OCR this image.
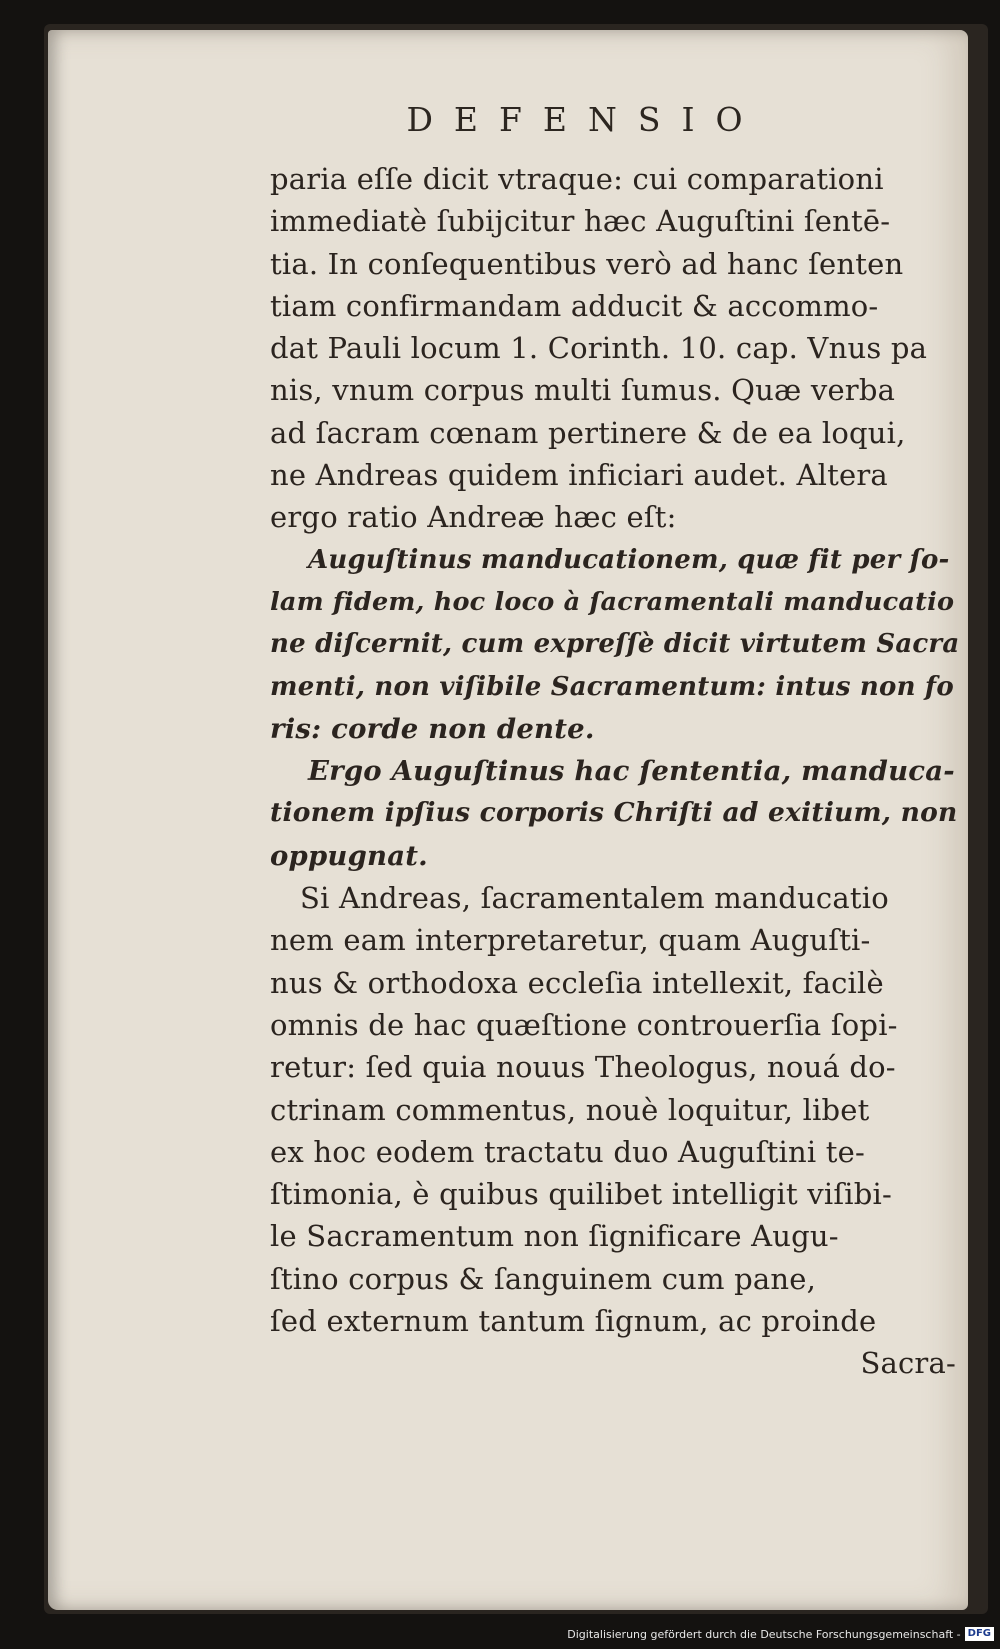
DEFENSIO
paria eſſe dicit vtraque: cui comparationi
immediatè ſubijcitur hæc Auguſtini ſentē-
tia. In conſequentibus verò ad hanc ſenten
tiam confirmandam adducit & accommo-
dat Pauli locum 1. Corinth. 10. cap. Vnus pa
nis, vnum corpus multi ſumus. Quæ verba
ad ſacram cœnam pertinere & de ea loqui,
ne Andreas quidem inficiari audet. Altera
ergo ratio Andreæ hæc eſt:
Auguſtinus manducationem, quæ fit per ſo-
lam fidem, hoc loco à ſacramentali manducatio
ne diſcernit, cum expreſſè dicit virtutem Sacra
menti, non viſibile Sacramentum: intus non fo
ris: corde non dente.
Ergo Auguſtinus hac ſententia, manduca-
tionem ipſius corporis Chriſti ad exitium, non
oppugnat.
Si Andreas, ſacramentalem manducatio
nem eam interpretaretur, quam Auguſti-
nus & orthodoxa eccleſia intellexit, facilè
omnis de hac quæſtione controuerſia ſopi-
retur: ſed quia nouus Theologus, nouá do-
ctrinam commentus, nouè loquitur, libet
ex hoc eodem tractatu duo Auguſtini te-
ſtimonia, è quibus quilibet intelligit viſibi-
le Sacramentum non ſignificare Augu-
ſtino corpus & ſanguinem cum pane,
ſed externum tantum ſignum, ac proinde
Sacra-
Digitalisierung gefördert durch die Deutsche Forschungsgemeinschaft - DFG
